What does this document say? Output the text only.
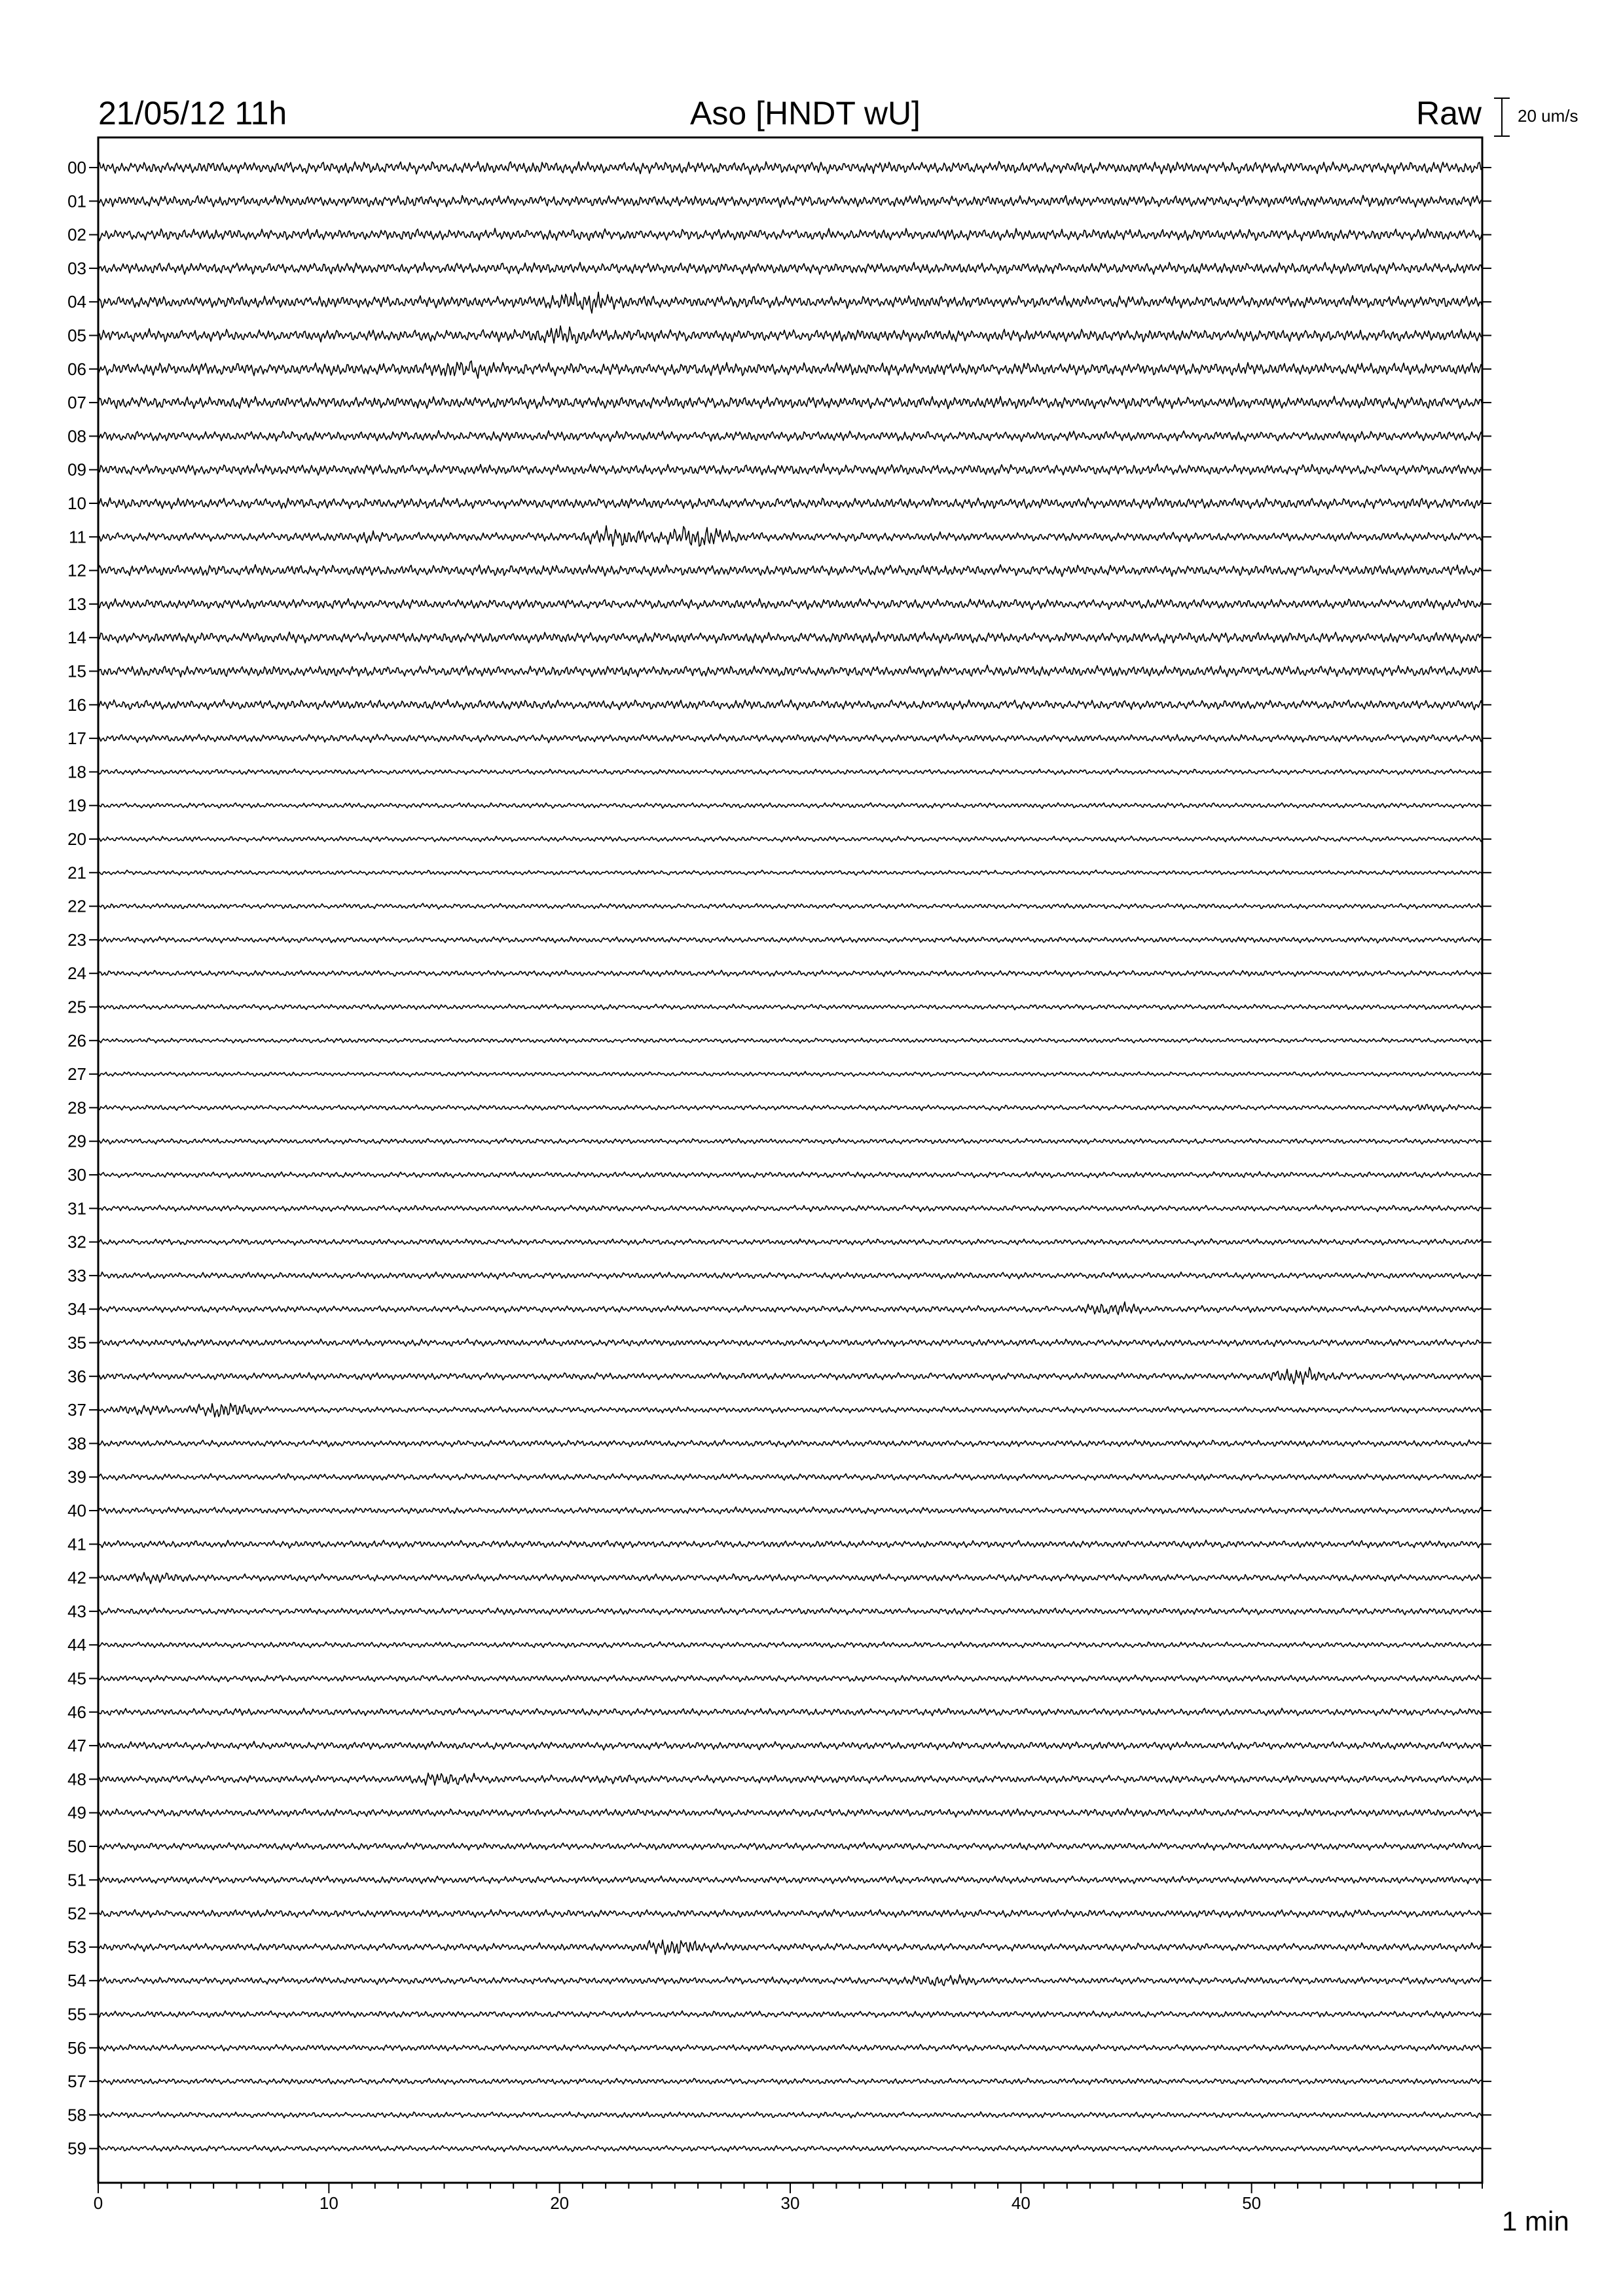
21/05/12 11h	Aso [HNDT wU]	Raw 20 um/s
00
01
02
03
04
05
06
07
08
09
10
11
12
13
14
15
16
17
18
19
20
21
22
23
24
25
26
27
28
29
30
31
32
33
34
35
36
37
38
39
40
41
42
43
44
45
46
47
48
49
50
51
52
53
54
55
56
57
58
59
0	10	20	30	40	50
1 min
